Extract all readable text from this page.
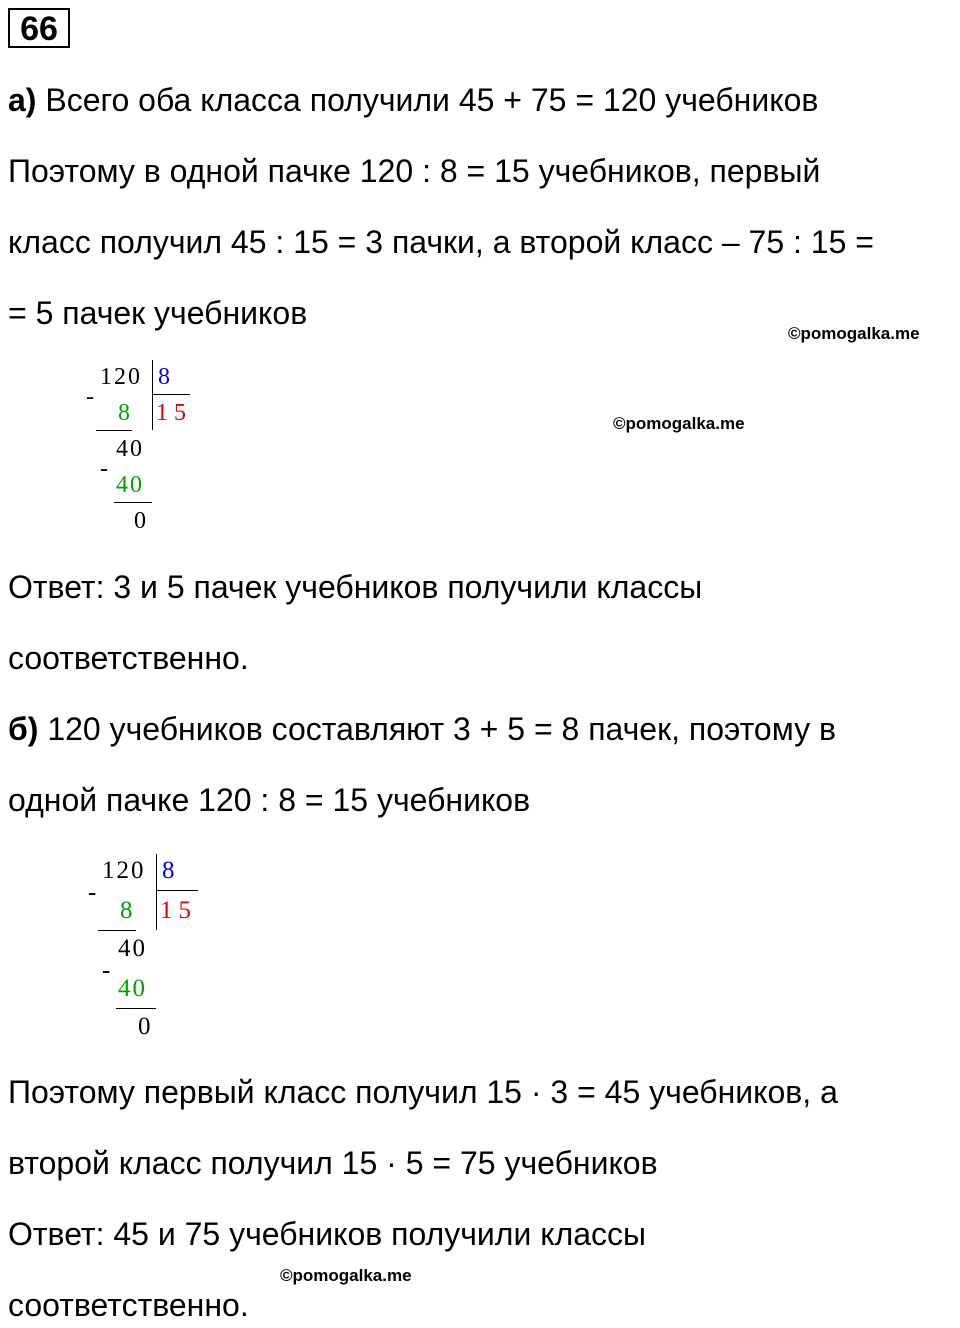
66
а) Всего оба класса получили 45 + 75 = 120 учебников
Поэтому в одной пачке 120 : 8 = 15 учебников, первый
класс получил 45 : 15 = 3 пачки, а второй класс – 75 : 15 =
= 5 пачек учебников
©pomogalka.me
©pomogalka.me
120 8
-
8 15
40
-
40
0
Ответ: 3 и 5 пачек учебников получили классы
соответственно.
б) 120 учебников составляют 3 + 5 = 8 пачек, поэтому в
одной пачке 120 : 8 = 15 учебников
120 8
-
8 15
40
-
40
0
Поэтому первый класс получил 15 · 3 = 45 учебников, а
второй класс получил 15 · 5 = 75 учебников
Ответ: 45 и 75 учебников получили классы
©pomogalka.me
соответственно.
